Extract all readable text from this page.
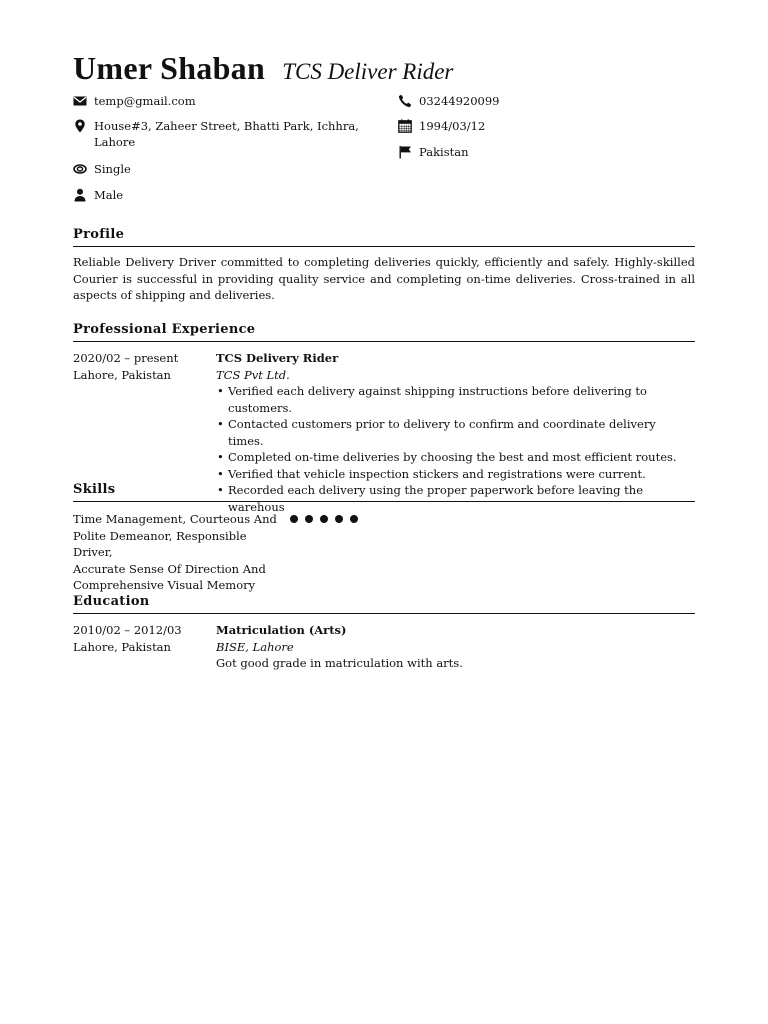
Umer Shaban TCS Deliver Rider
temp@gmail.com
House#3, Zaheer Street, Bhatti Park, Ichhra,
Lahore
Single
Male
03244920099
1994/03/12
Pakistan
Profile
Reliable Delivery Driver committed to completing deliveries quickly, efficiently and safely. Highly-skilled Courier is successful in providing quality service and completing on-time deliveries. Cross-trained in all aspects of shipping and deliveries.
Professional Experience
2020/02 – present
Lahore, Pakistan
TCS Delivery Rider
TCS Pvt Ltd.
• Verified each delivery against shipping instructions before delivering to customers.
• Contacted customers prior to delivery to confirm and coordinate delivery times.
• Completed on-time deliveries by choosing the best and most efficient routes.
• Verified that vehicle inspection stickers and registrations were current.
• Recorded each delivery using the proper paperwork before leaving the warehous
Skills
Time Management, Courteous And
Polite Demeanor, Responsible Driver,
Accurate Sense Of Direction And
Comprehensive Visual Memory
Education
2010/02 – 2012/03
Lahore, Pakistan
Matriculation (Arts)
BISE, Lahore
Got good grade in matriculation with arts.
